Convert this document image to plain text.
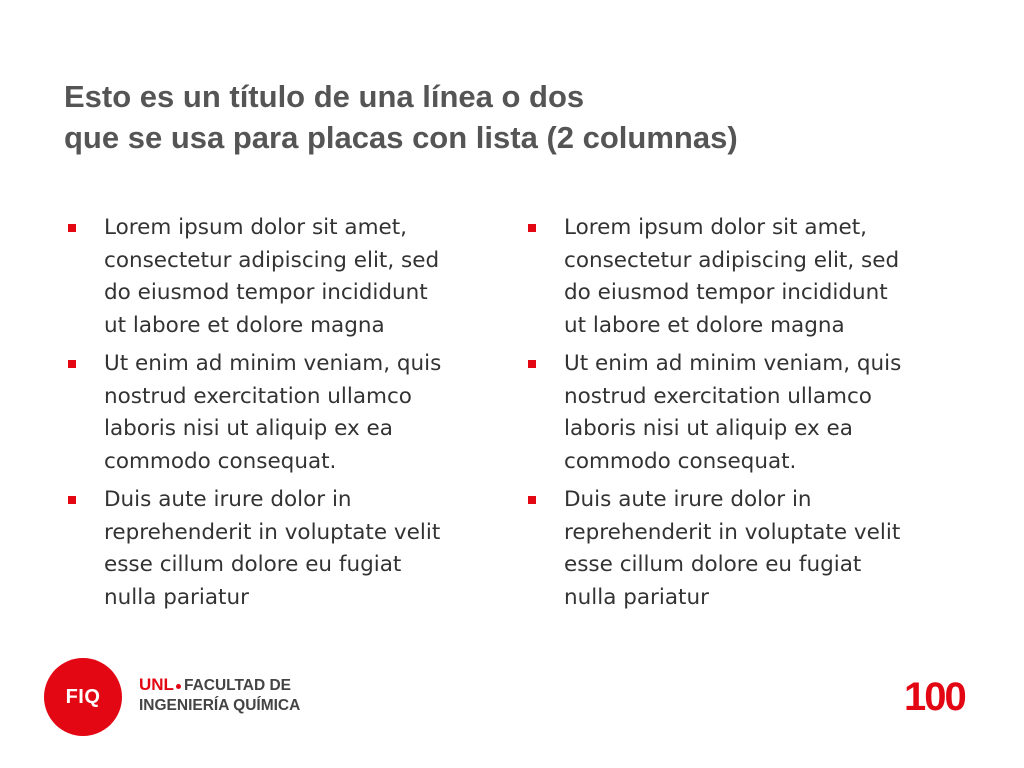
Esto es un título de una línea o dos
que se usa para placas con lista (2 columnas)
Lorem ipsum dolor sit amet,
consectetur adipiscing elit, sed
do eiusmod tempor incididunt
ut labore et dolore magna
Ut enim ad minim veniam, quis
nostrud exercitation ullamco
laboris nisi ut aliquip ex ea
commodo consequat.
Duis aute irure dolor in
reprehenderit in voluptate velit
esse cillum dolore eu fugiat
nulla pariatur
Lorem ipsum dolor sit amet,
consectetur adipiscing elit, sed
do eiusmod tempor incididunt
ut labore et dolore magna
Ut enim ad minim veniam, quis
nostrud exercitation ullamco
laboris nisi ut aliquip ex ea
commodo consequat.
Duis aute irure dolor in
reprehenderit in voluptate velit
esse cillum dolore eu fugiat
nulla pariatur
FIQ
UNL FACULTAD DE
INGENIERÍA QUÍMICA	100
